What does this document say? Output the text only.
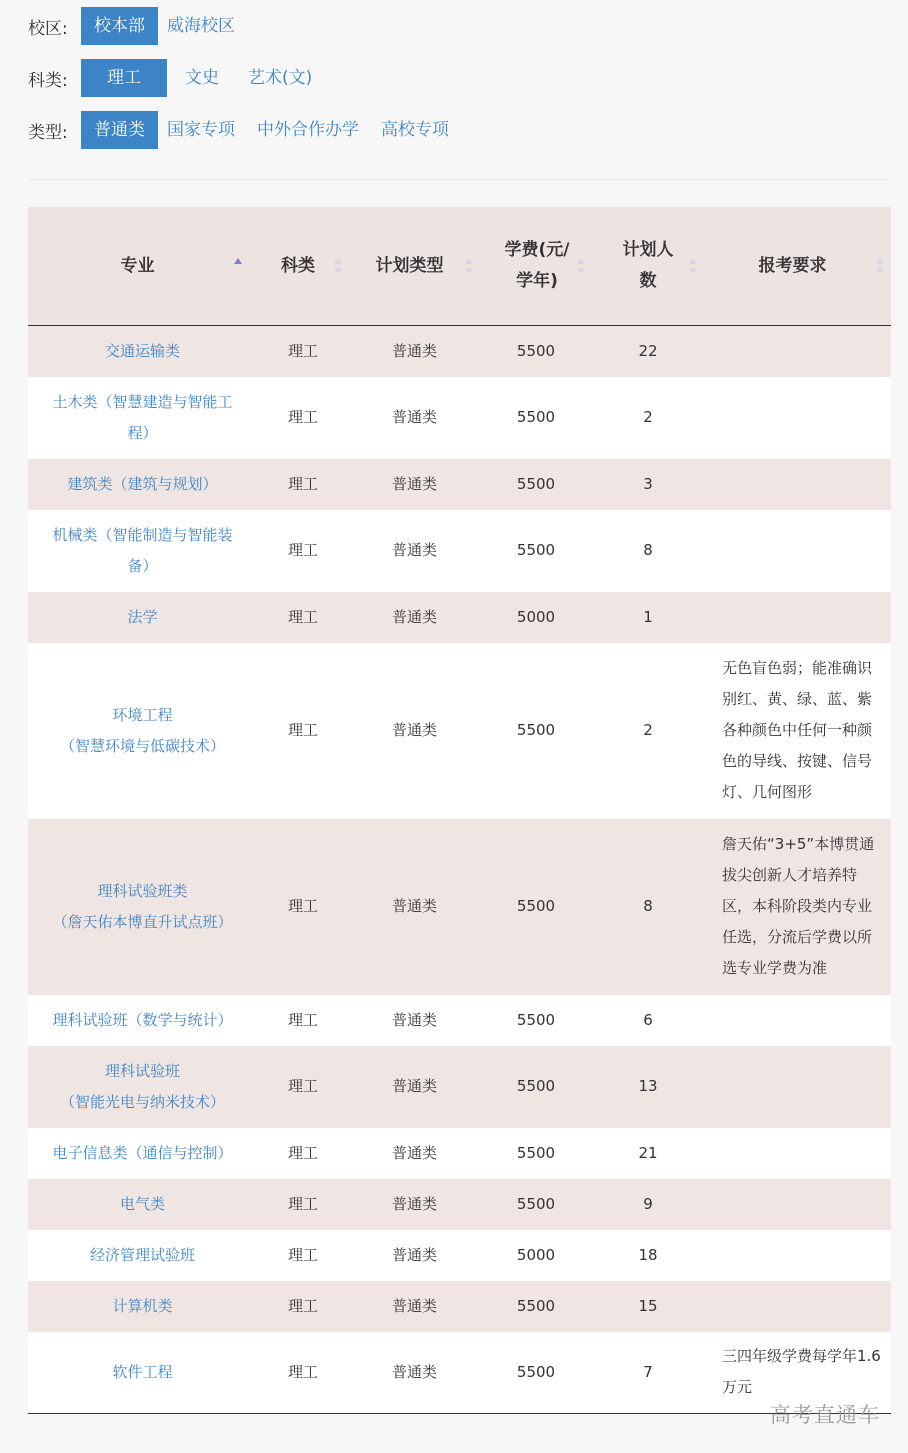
校区:	校本部	威海校区
科类:	理工	文史	艺术(文)
类型:	普通类	国家专项	中外合作办学	高校专项
专业	科类	计划类型	学费(元/学年)	计划人数	报考要求

交通运输类	理工	普通类	5500	22	
土木类（智慧建造与智能工程）	理工	普通类	5500	2	
建筑类（建筑与规划）	理工	普通类	5500	3	
机械类（智能制造与智能装备）	理工	普通类	5500	8	
法学	理工	普通类	5000	1	

环境工程
（智慧环境与低碳技术）	理工	普通类	5500	2	无色盲色弱；能准确识别红、黄、绿、蓝、紫各种颜色中任何一种颜色的导线、按键、信号灯、几何图形

理科试验班类
（詹天佑本博直升试点班）	理工	普通类	5500	8	詹天佑“3+5”本博贯通拔尖创新人才培养特区，本科阶段类内专业任选，分流后学费以所选专业学费为准
理科试验班（数学与统计）	理工	普通类	5500	6	

理科试验班
（智能光电与纳米技术）	理工	普通类	5500	13	
电子信息类（通信与控制）	理工	普通类	5500	21	
电气类	理工	普通类	5500	9	
经济管理试验班	理工	普通类	5000	18	
计算机类	理工	普通类	5500	15	
软件工程	理工	普通类	5500	7	三四年级学费每学年1.6万元
高考直通车
